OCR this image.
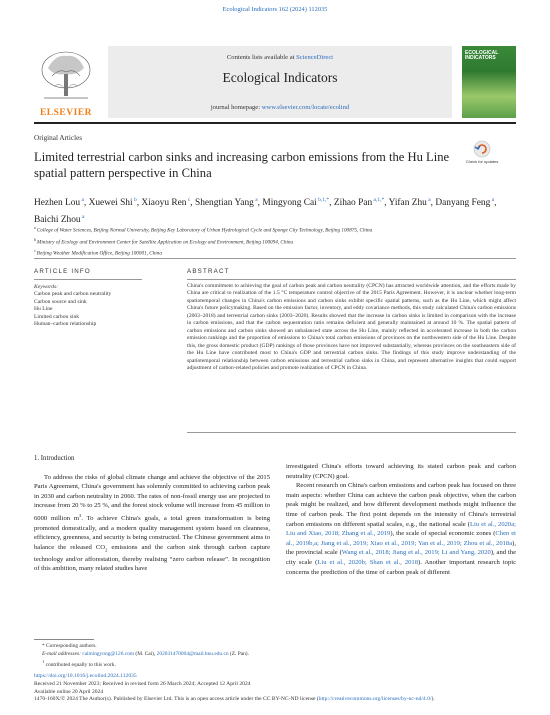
Ecological Indicators 162 (2024) 112035
ELSEVIER
Contents lists available at ScienceDirect
Ecological Indicators
journal homepage: www.elsevier.com/locate/ecolind
ECOLOGICAL INDICATORS
Original Articles
Limited terrestrial carbon sinks and increasing carbon emissions from the Hu Line spatial pattern perspective in China
Check for updates
Hezhen Lou $^a$, Xuewei Shi $^b$, Xiaoyu Ren $^c$, Shengtian Yang $^a$, Mingyong Cai $^{b,1,*}$, Zihao Pan $^{a,1,*}$, Yifan Zhu $^a$, Danyang Feng $^a$, Baichi Zhou $^a$
$^a$ College of Water Sciences, Beijing Normal University, Beijing Key Laboratory of Urban Hydrological Cycle and Sponge City Technology, Beijing 100875, China
$^b$ Ministry of Ecology and Environment Center for Satellite Application on Ecology and Environment, Beijing 100094, China
$^c$ Beijing Weather Modification Office, Beijing 100001, China
ARTICLE INFO	ABSTRACT
Keywords:
Carbon peak and carbon neutrality
Carbon source and sink
Hu Line
Limited carbon sink
Human–carbon relationship
China's commitment to achieving the goal of carbon peak and carbon neutrality (CPCN) has attracted worldwide attention, and the efforts made by China are critical to realization of the 1.5 °C temperature control objective of the 2015 Paris Agreement. However, it is unclear whether long-term spatiotemporal changes in China's carbon emissions and carbon sinks exhibit specific spatial patterns, such as the Hu Line, which might affect China's future policymaking. Based on the emission factor, inventory, and eddy covariance methods, this study calculated China's carbon emissions (2003–2018) and terrestrial carbon sinks (2003–2020). Results showed that the increase in carbon sinks is limited in comparison with the increase in carbon emissions, and that the carbon sequestration ratio remains deficient and generally maintained at around 10 %. The spatial pattern of carbon emissions and carbon sinks showed an unbalanced state across the Hu Line, mainly reflected in accelerated increase in both the carbon emission rankings and the proportion of emissions to China's total carbon emissions of provinces on the northwestern side of the Hu Line. Despite this, the gross domestic product (GDP) rankings of those provinces have not improved substantially, whereas provinces on the southeastern side of the Hu Line have contributed most to China's GDP and terrestrial carbon sinks. The findings of this study improve understanding of the spatiotemporal relationship between carbon emissions and terrestrial carbon sinks in China, and represent alternative insights that could support adjustment of carbon-related policies and promote realization of CPCN in China.
1. Introduction

To address the risks of global climate change and achieve the objective of the 2015 Paris Agreement, China's government has solemnly committed to achieving carbon peak in 2030 and carbon neutrality in 2060. The rates of non-fossil energy use are projected to increase from 20 % to 25 %, and the forest stock volume will increase from 45 million to 6000 million $m^3$. To achieve China's goals, a total green transformation is being promoted domestically, and a modern quality management system based on cleanness, efficiency, greenness, and security is being constructed. The Chinese government aims to balance the released $CO_2$ emissions and the carbon sink through carbon capture technology and/or afforestation, thereby realising “zero carbon release”. In recognition of this ambition, many related studies have

investigated China's efforts toward achieving its stated carbon peak and carbon neutrality (CPCN) goal.

Recent research on China's carbon emissions and carbon peak has focused on three main aspects: whether China can achieve the carbon peak objective, when the carbon peak might be realized, and how different development methods might influence the time of carbon peak. The first point depends on the intensity of China's terrestrial carbon emissions on different spatial scales, e.g., the national scale (Liu et al., 2020a; Liu and Xiao, 2018; Zhang et al., 2019), the scale of special economic zones (Chen et al., 2019b,a; Jiang et al., 2019; Xiao et al., 2019; Yan et al., 2019; Zhou et al., 2018a), the provincial scale (Wang et al., 2018; Jiang et al., 2019; Li and Yang, 2020), and the city scale (Liu et al., 2020b; Shan et al., 2018). Another important research topic concerns the prediction of the time of carbon peak of different

* Corresponding authors.
E-mail addresses: caimingyong@126.com (M. Cai), 202031470004@mail.bnu.edu.cn (Z. Pan).
$^1$ contributed equally to this work.
https://doi.org/10.1016/j.ecolind.2024.112035
Received 21 November 2023; Received in revised form 26 March 2024; Accepted 12 April 2024
Available online 20 April 2024
1470-160X/© 2024 The Author(s). Published by Elsevier Ltd. This is an open access article under the CC BY-NC-ND license (http://creativecommons.org/licenses/by-nc-nd/4.0/).
